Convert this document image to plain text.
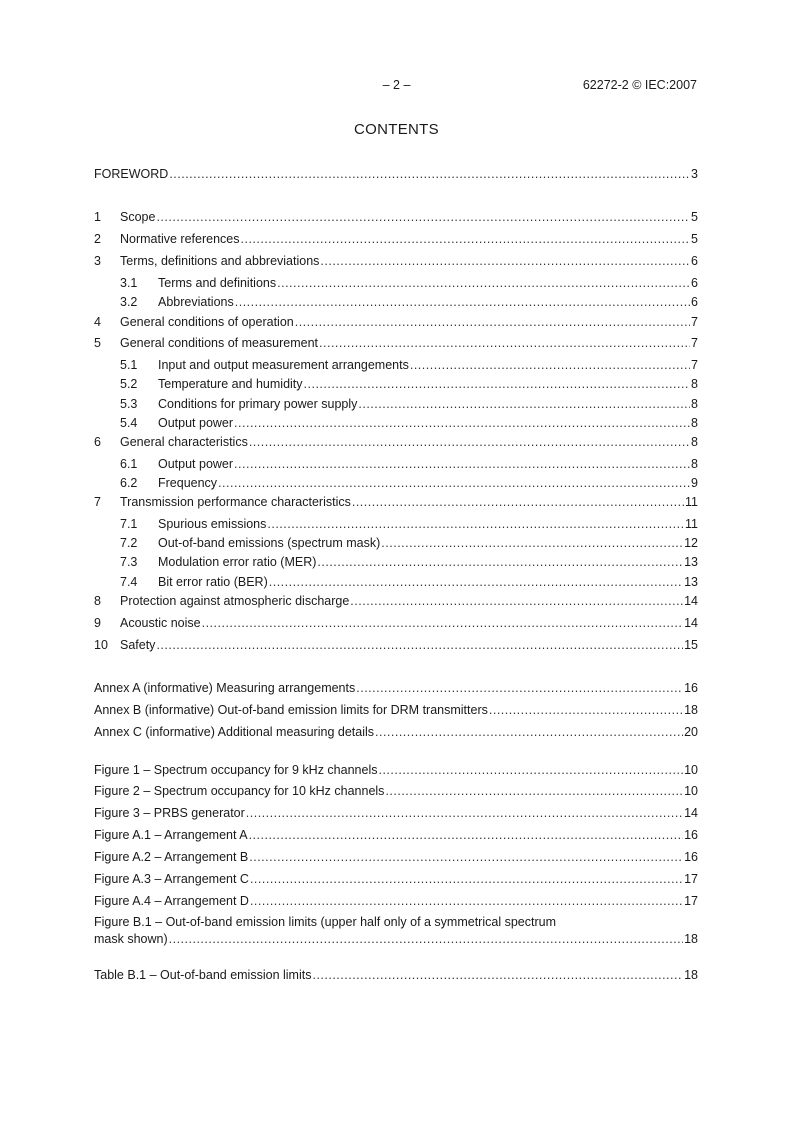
– 2 –	62272-2 © IEC:2007
CONTENTS
FOREWORD .....	3
1	Scope .....	5
2	Normative references .....	5
3	Terms, definitions and abbreviations .....	6
3.1	Terms and definitions .....	6
3.2	Abbreviations .....	6
4	General conditions of operation .....	7
5	General conditions of measurement .....	7
5.1	Input and output measurement arrangements .....	7
5.2	Temperature and humidity .....	8
5.3	Conditions for primary power supply .....	8
5.4	Output power .....	8
6	General characteristics .....	8
6.1	Output power .....	8
6.2	Frequency .....	9
7	Transmission performance characteristics .....	11
7.1	Spurious emissions .....	11
7.2	Out-of-band emissions (spectrum mask) .....	12
7.3	Modulation error ratio (MER) .....	13
7.4	Bit error ratio (BER) .....	13
8	Protection against atmospheric discharge .....	14
9	Acoustic noise .....	14
10 Safety .....	15
Annex A (informative) Measuring arrangements .....	16
Annex B (informative) Out-of-band emission limits for DRM transmitters .....	18
Annex C (informative) Additional measuring details .....	20
Figure 1 – Spectrum occupancy for 9 kHz channels .....	10
Figure 2 – Spectrum occupancy for 10 kHz channels .....	10
Figure 3 – PRBS generator .....	14
Figure A.1 – Arrangement A .....	16
Figure A.2 – Arrangement B .....	16
Figure A.3 – Arrangement C .....	17
Figure A.4 – Arrangement D .....	17
Figure B.1 – Out-of-band emission limits (upper half only of a symmetrical spectrum
mask shown) .....	18
Table B.1 – Out-of-band emission limits .....	18
